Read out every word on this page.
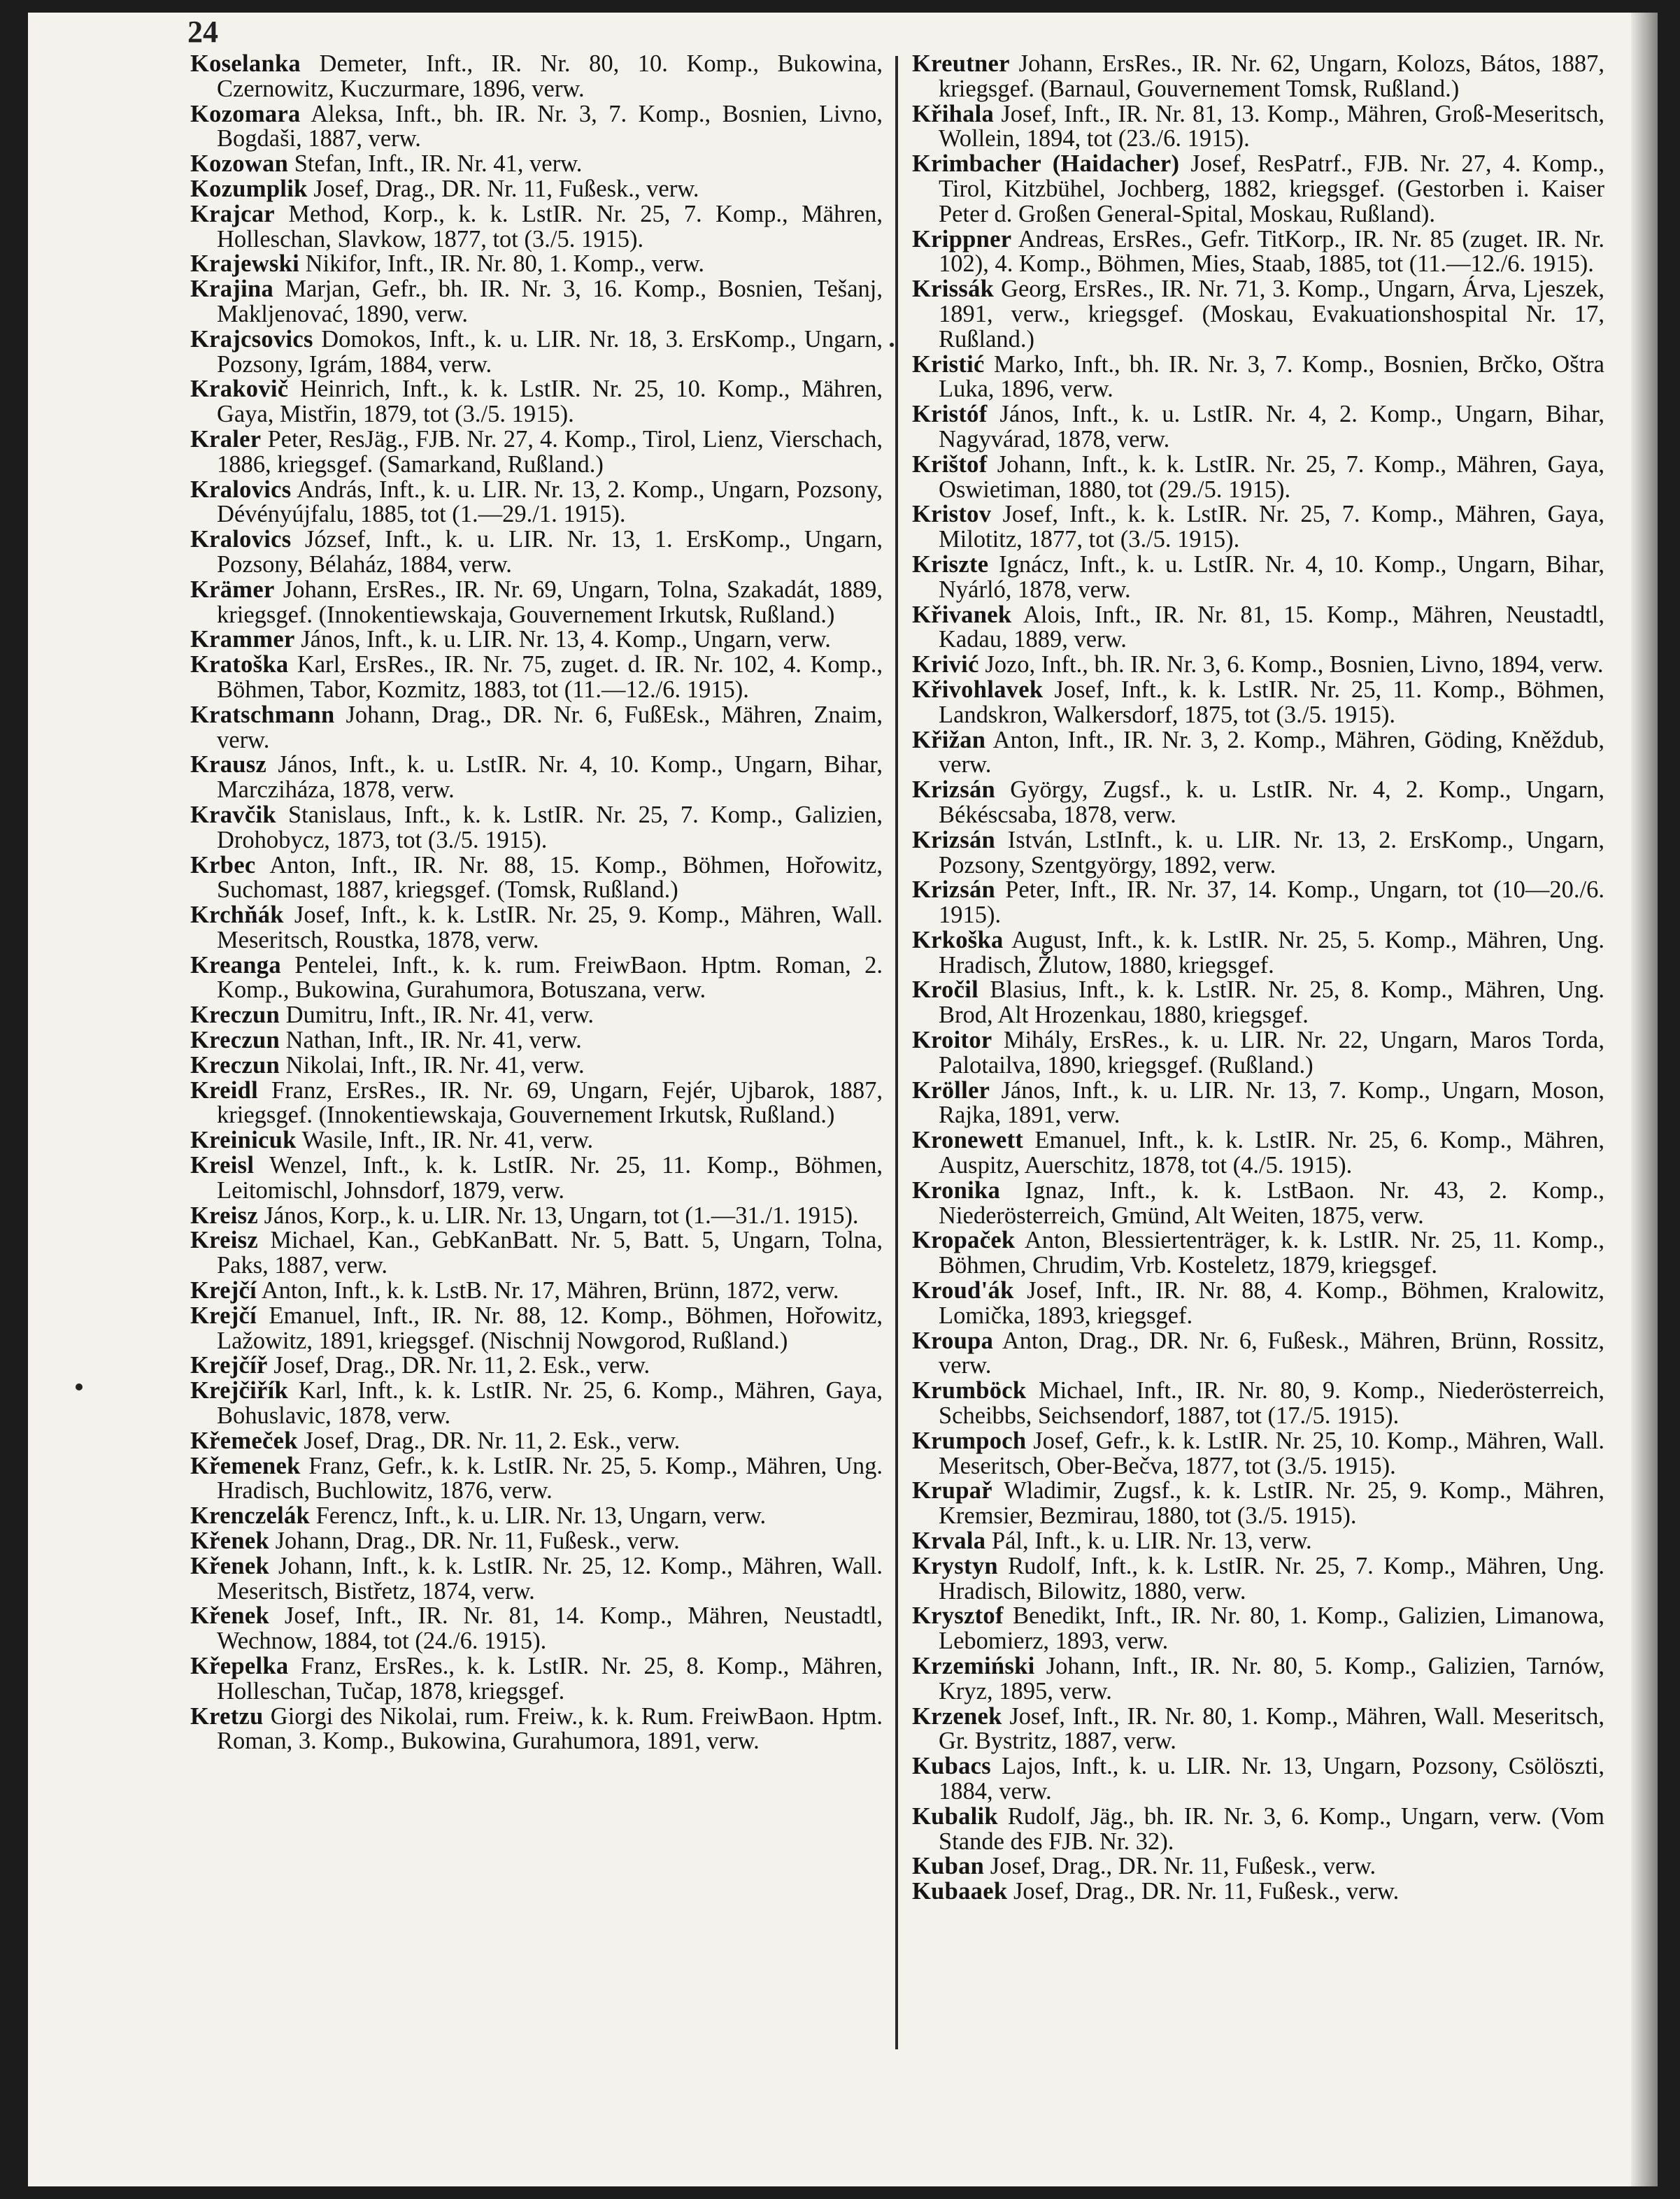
24

Koselanka Demeter, Inft., IR. Nr. 80, 10. Komp., Bukowina, Czernowitz, Kuczurmare, 1896, verw.

Kozomara Aleksa, Inft., bh. IR. Nr. 3, 7. Komp., Bosnien, Livno, Bogdaši, 1887, verw.

Kozowan Stefan, Inft., IR. Nr. 41, verw.

Kozumplik Josef, Drag., DR. Nr. 11, Fußesk., verw.

Krajcar Method, Korp., k. k. LstIR. Nr. 25, 7. Komp., Mähren, Holleschan, Slavkow, 1877, tot (3./5. 1915).

Krajewski Nikifor, Inft., IR. Nr. 80, 1. Komp., verw.

Krajina Marjan, Gefr., bh. IR. Nr. 3, 16. Komp., Bosnien, Tešanj, Makljenovać, 1890, verw.

Krajcsovics Domokos, Inft., k. u. LIR. Nr. 18, 3. ErsKomp., Ungarn, Pozsony, Igrám, 1884, verw.

Krakovič Heinrich, Inft., k. k. LstIR. Nr. 25, 10. Komp., Mähren, Gaya, Mistřin, 1879, tot (3./5. 1915).

Kraler Peter, ResJäg., FJB. Nr. 27, 4. Komp., Tirol, Lienz, Vierschach, 1886, kriegsgef. (Samarkand, Rußland.)

Kralovics András, Inft., k. u. LIR. Nr. 13, 2. Komp., Ungarn, Pozsony, Dévényújfalu, 1885, tot (1.—29./1. 1915).

Kralovics József, Inft., k. u. LIR. Nr. 13, 1. ErsKomp., Ungarn, Pozsony, Bélaház, 1884, verw.

Krämer Johann, ErsRes., IR. Nr. 69, Ungarn, Tolna, Szakadát, 1889, kriegsgef. (Innokentiewskaja, Gouvernement Irkutsk, Rußland.)

Krammer János, Inft., k. u. LIR. Nr. 13, 4. Komp., Ungarn, verw.

Kratoška Karl, ErsRes., IR. Nr. 75, zuget. d. IR. Nr. 102, 4. Komp., Böhmen, Tabor, Kozmitz, 1883, tot (11.—12./6. 1915).

Kratschmann Johann, Drag., DR. Nr. 6, FußEsk., Mähren, Znaim, verw.

Krausz János, Inft., k. u. LstIR. Nr. 4, 10. Komp., Ungarn, Bihar, Marcziháza, 1878, verw.

Kravčik Stanislaus, Inft., k. k. LstIR. Nr. 25, 7. Komp., Galizien, Drohobycz, 1873, tot (3./5. 1915).

Krbec Anton, Inft., IR. Nr. 88, 15. Komp., Böhmen, Hořowitz, Suchomast, 1887, kriegsgef. (Tomsk, Rußland.)

Krchňák Josef, Inft., k. k. LstIR. Nr. 25, 9. Komp., Mähren, Wall. Meseritsch, Roustka, 1878, verw.

Kreanga Pentelei, Inft., k. k. rum. FreiwBaon. Hptm. Roman, 2. Komp., Bukowina, Gurahumora, Botuszana, verw.

Kreczun Dumitru, Inft., IR. Nr. 41, verw.

Kreczun Nathan, Inft., IR. Nr. 41, verw.

Kreczun Nikolai, Inft., IR. Nr. 41, verw.

Kreidl Franz, ErsRes., IR. Nr. 69, Ungarn, Fejér, Ujbarok, 1887, kriegsgef. (Innokentiewskaja, Gouvernement Irkutsk, Rußland.)

Kreinicuk Wasile, Inft., IR. Nr. 41, verw.

Kreisl Wenzel, Inft., k. k. LstIR. Nr. 25, 11. Komp., Böhmen, Leitomischl, Johnsdorf, 1879, verw.

Kreisz János, Korp., k. u. LIR. Nr. 13, Ungarn, tot (1.—31./1. 1915).

Kreisz Michael, Kan., GebKanBatt. Nr. 5, Batt. 5, Ungarn, Tolna, Paks, 1887, verw.

Krejčí Anton, Inft., k. k. LstB. Nr. 17, Mähren, Brünn, 1872, verw.

Krejčí Emanuel, Inft., IR. Nr. 88, 12. Komp., Böhmen, Hořowitz, Lažowitz, 1891, kriegsgef. (Nischnij Nowgorod, Rußland.)

Krejčíř Josef, Drag., DR. Nr. 11, 2. Esk., verw.

Krejčiřík Karl, Inft., k. k. LstIR. Nr. 25, 6. Komp., Mähren, Gaya, Bohuslavic, 1878, verw.

Křemeček Josef, Drag., DR. Nr. 11, 2. Esk., verw.

Křemenek Franz, Gefr., k. k. LstIR. Nr. 25, 5. Komp., Mähren, Ung. Hradisch, Buchlowitz, 1876, verw.

Krenczelák Ferencz, Inft., k. u. LIR. Nr. 13, Ungarn, verw.

Křenek Johann, Drag., DR. Nr. 11, Fußesk., verw.

Křenek Johann, Inft., k. k. LstIR. Nr. 25, 12. Komp., Mähren, Wall. Meseritsch, Bistřetz, 1874, verw.

Křenek Josef, Inft., IR. Nr. 81, 14. Komp., Mähren, Neustadtl, Wechnow, 1884, tot (24./6. 1915).

Křepelka Franz, ErsRes., k. k. LstIR. Nr. 25, 8. Komp., Mähren, Holleschan, Tučap, 1878, kriegsgef.

Kretzu Giorgi des Nikolai, rum. Freiw., k. k. Rum. FreiwBaon. Hptm. Roman, 3. Komp., Bukowina, Gurahumora, 1891, verw.

Kreutner Johann, ErsRes., IR. Nr. 62, Ungarn, Kolozs, Bátos, 1887, kriegsgef. (Barnaul, Gouvernement Tomsk, Rußland.)

Křihala Josef, Inft., IR. Nr. 81, 13. Komp., Mähren, Groß-Meseritsch, Wollein, 1894, tot (23./6. 1915).

Krimbacher (Haidacher) Josef, ResPatrf., FJB. Nr. 27, 4. Komp., Tirol, Kitzbühel, Jochberg, 1882, kriegsgef. (Gestorben i. Kaiser Peter d. Großen General-Spital, Moskau, Rußland).

Krippner Andreas, ErsRes., Gefr. TitKorp., IR. Nr. 85 (zuget. IR. Nr. 102), 4. Komp., Böhmen, Mies, Staab, 1885, tot (11.—12./6. 1915).

Krissák Georg, ErsRes., IR. Nr. 71, 3. Komp., Ungarn, Árva, Ljeszek, 1891, verw., kriegsgef. (Moskau, Evakuationshospital Nr. 17, Rußland.)

Kristić Marko, Inft., bh. IR. Nr. 3, 7. Komp., Bosnien, Brčko, Oštra Luka, 1896, verw.

Kristóf János, Inft., k. u. LstIR. Nr. 4, 2. Komp., Ungarn, Bihar, Nagyvárad, 1878, verw.

Krištof Johann, Inft., k. k. LstIR. Nr. 25, 7. Komp., Mähren, Gaya, Oswietiman, 1880, tot (29./5. 1915).

Kristov Josef, Inft., k. k. LstIR. Nr. 25, 7. Komp., Mähren, Gaya, Milotitz, 1877, tot (3./5. 1915).

Kriszte Ignácz, Inft., k. u. LstIR. Nr. 4, 10. Komp., Ungarn, Bihar, Nyárló, 1878, verw.

Křivanek Alois, Inft., IR. Nr. 81, 15. Komp., Mähren, Neustadtl, Kadau, 1889, verw.

Krivić Jozo, Inft., bh. IR. Nr. 3, 6. Komp., Bosnien, Livno, 1894, verw.

Křivohlavek Josef, Inft., k. k. LstIR. Nr. 25, 11. Komp., Böhmen, Landskron, Walkersdorf, 1875, tot (3./5. 1915).

Křižan Anton, Inft., IR. Nr. 3, 2. Komp., Mähren, Göding, Kněždub, verw.

Krizsán György, Zugsf., k. u. LstIR. Nr. 4, 2. Komp., Ungarn, Békéscsaba, 1878, verw.

Krizsán István, LstInft., k. u. LIR. Nr. 13, 2. ErsKomp., Ungarn, Pozsony, Szentgyörgy, 1892, verw.

Krizsán Peter, Inft., IR. Nr. 37, 14. Komp., Ungarn, tot (10—20./6. 1915).

Krkoška August, Inft., k. k. LstIR. Nr. 25, 5. Komp., Mähren, Ung. Hradisch, Žlutow, 1880, kriegsgef.

Kročil Blasius, Inft., k. k. LstIR. Nr. 25, 8. Komp., Mähren, Ung. Brod, Alt Hrozenkau, 1880, kriegsgef.

Kroitor Mihály, ErsRes., k. u. LIR. Nr. 22, Ungarn, Maros Torda, Palotailva, 1890, kriegsgef. (Rußland.)

Kröller János, Inft., k. u. LIR. Nr. 13, 7. Komp., Ungarn, Moson, Rajka, 1891, verw.

Kronewett Emanuel, Inft., k. k. LstIR. Nr. 25, 6. Komp., Mähren, Auspitz, Auerschitz, 1878, tot (4./5. 1915).

Kronika Ignaz, Inft., k. k. LstBaon. Nr. 43, 2. Komp., Niederösterreich, Gmünd, Alt Weiten, 1875, verw.

Kropaček Anton, Blessiertenträger, k. k. LstIR. Nr. 25, 11. Komp., Böhmen, Chrudim, Vrb. Kosteletz, 1879, kriegsgef.

Kroud'ák Josef, Inft., IR. Nr. 88, 4. Komp., Böhmen, Kralowitz, Lomička, 1893, kriegsgef.

Kroupa Anton, Drag., DR. Nr. 6, Fußesk., Mähren, Brünn, Rossitz, verw.

Krumböck Michael, Inft., IR. Nr. 80, 9. Komp., Niederösterreich, Scheibbs, Seichsendorf, 1887, tot (17./5. 1915).

Krumpoch Josef, Gefr., k. k. LstIR. Nr. 25, 10. Komp., Mähren, Wall. Meseritsch, Ober-Bečva, 1877, tot (3./5. 1915).

Krupař Wladimir, Zugsf., k. k. LstIR. Nr. 25, 9. Komp., Mähren, Kremsier, Bezmirau, 1880, tot (3./5. 1915).

Krvala Pál, Inft., k. u. LIR. Nr. 13, verw.

Krystyn Rudolf, Inft., k. k. LstIR. Nr. 25, 7. Komp., Mähren, Ung. Hradisch, Bilowitz, 1880, verw.

Krysztof Benedikt, Inft., IR. Nr. 80, 1. Komp., Galizien, Limanowa, Lebomierz, 1893, verw.

Krzemiński Johann, Inft., IR. Nr. 80, 5. Komp., Galizien, Tarnów, Kryz, 1895, verw.

Krzenek Josef, Inft., IR. Nr. 80, 1. Komp., Mähren, Wall. Meseritsch, Gr. Bystritz, 1887, verw.

Kubacs Lajos, Inft., k. u. LIR. Nr. 13, Ungarn, Pozsony, Csölöszti, 1884, verw.

Kubalik Rudolf, Jäg., bh. IR. Nr. 3, 6. Komp., Ungarn, verw. (Vom Stande des FJB. Nr. 32).

Kuban Josef, Drag., DR. Nr. 11, Fußesk., verw.

Kubaaek Josef, Drag., DR. Nr. 11, Fußesk., verw.
